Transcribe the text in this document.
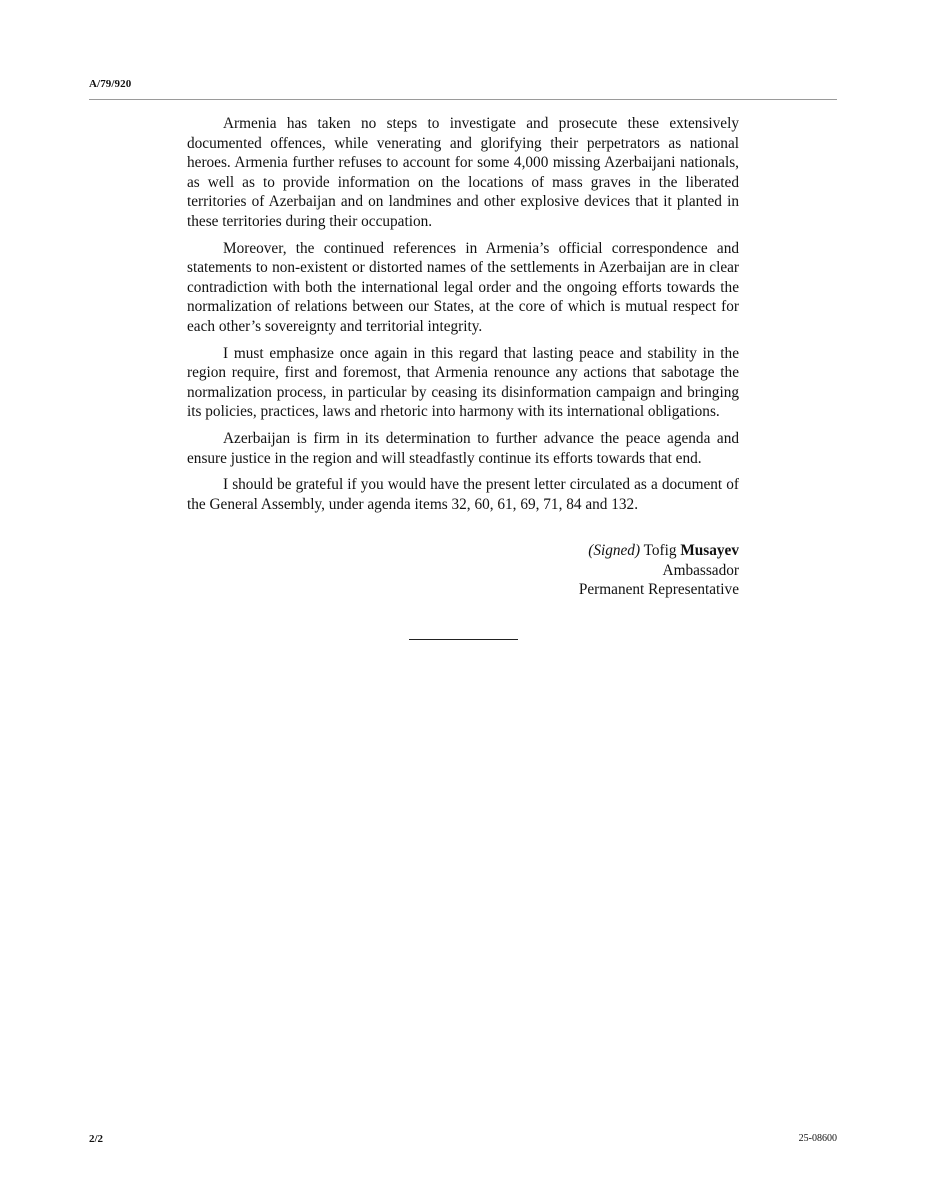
A/79/920

Armenia has taken no steps to investigate and prosecute these extensively documented offences, while venerating and glorifying their perpetrators as national heroes. Armenia further refuses to account for some 4,000 missing Azerbaijani nationals, as well as to provide information on the locations of mass graves in the liberated territories of Azerbaijan and on landmines and other explosive devices that it planted in these territories during their occupation.

Moreover, the continued references in Armenia’s official correspondence and statements to non-existent or distorted names of the settlements in Azerbaijan are in clear contradiction with both the international legal order and the ongoing efforts towards the normalization of relations between our States, at the core of which is mutual respect for each other’s sovereignty and territorial integrity.

I must emphasize once again in this regard that lasting peace and stability in the region require, first and foremost, that Armenia renounce any actions that sabotage the normalization process, in particular by ceasing its disinformation campaign and bringing its policies, practices, laws and rhetoric into harmony with its international obligations.

Azerbaijan is firm in its determination to further advance the peace agenda and ensure justice in the region and will steadfastly continue its efforts towards that end.

I should be grateful if you would have the present letter circulated as a document of the General Assembly, under agenda items 32, 60, 61, 69, 71, 84 and 132.

(Signed) Tofig Musayev
Ambassador
Permanent Representative
2/2	25-08600
